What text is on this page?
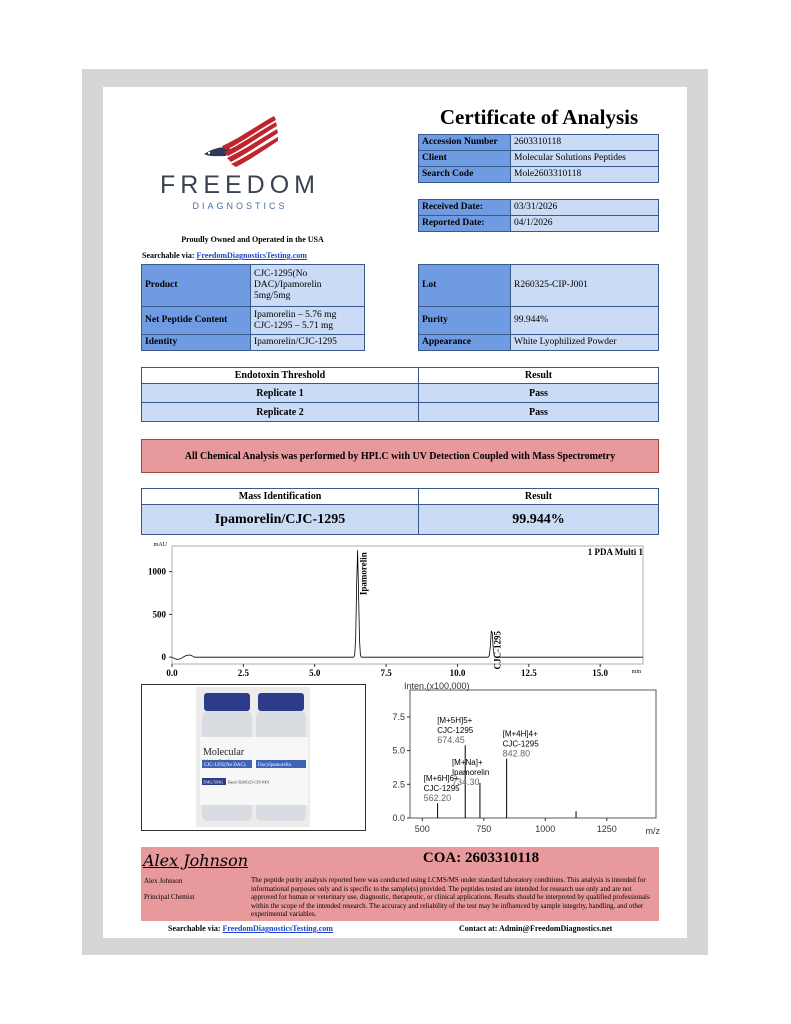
FREEDOM
DIAGNOSTICS
Proudly Owned and Operated in the USA
Searchable via: FreedomDiagnosticsTesting.com
Certificate of Analysis
Accession Number	2603310118
Client	Molecular Solutions Peptides
Search Code	Mole2603310118
Received Date:	03/31/2026
Reported Date:	04/1/2026
Product	CJC-1295(No
DAC)/Ipamorelin
5mg/5mg

Net Peptide Content	Ipamorelin – 5.76 mg
CJC-1295 – 5.71 mg

Identity	Ipamorelin/CJC-1295
Lot	R260325-CIP-J001
Purity	99.944%
Appearance	White Lyophilized Powder
Endotoxin Threshold	Result
Replicate 1	Pass
Replicate 2	Pass
All Chemical Analysis was performed by HPLC with UV Detection Coupled with Mass Spectrometry
Mass Identification	Result
Ipamorelin/CJC-1295	99.944%
0
500
1000
0.0	2.5	5.0	7.5	10.0	12.5	15.0
mAU
min
1 PDA Multi 1
Ipamorelin
CJC-1295
Molecular
Solutions Peptides
CJC-1295(No DAC) Dac)/Ipamorelin
5MG/5MG Batch R260325-CIP-J001
Inten.(x100,000)
m/z
0.0
2.5
5.0
7.5
500	750	1000	1250
[M+6H]6+
CJC-1295
562.20
[M+5H]5+
CJC-1295
674.45
[M+Na]+
Ipamorelin
734.30
[M+4H]4+
CJC-1295
842.80
Alex Johnson	COA: 2603310118
Alex Johnson
Principal Chemist
The peptide purity analysis reported here was conducted using LCMS/MS under standard laboratory conditions. This analysis is intended for informational purposes only and is specific to the sample(s) provided. The peptides tested are intended for research use only and are not approved for human or veterinary use, diagnostic, therapeutic, or clinical applications. Results should be interpreted by qualified professionals within the scope of the intended research. The accuracy and reliability of the test may be influenced by sample integrity, handling, and other experimental variables.
Searchable via: FreedomDiagnosticsTesting.com	Contact at: Admin@FreedomDiagnostics.net
